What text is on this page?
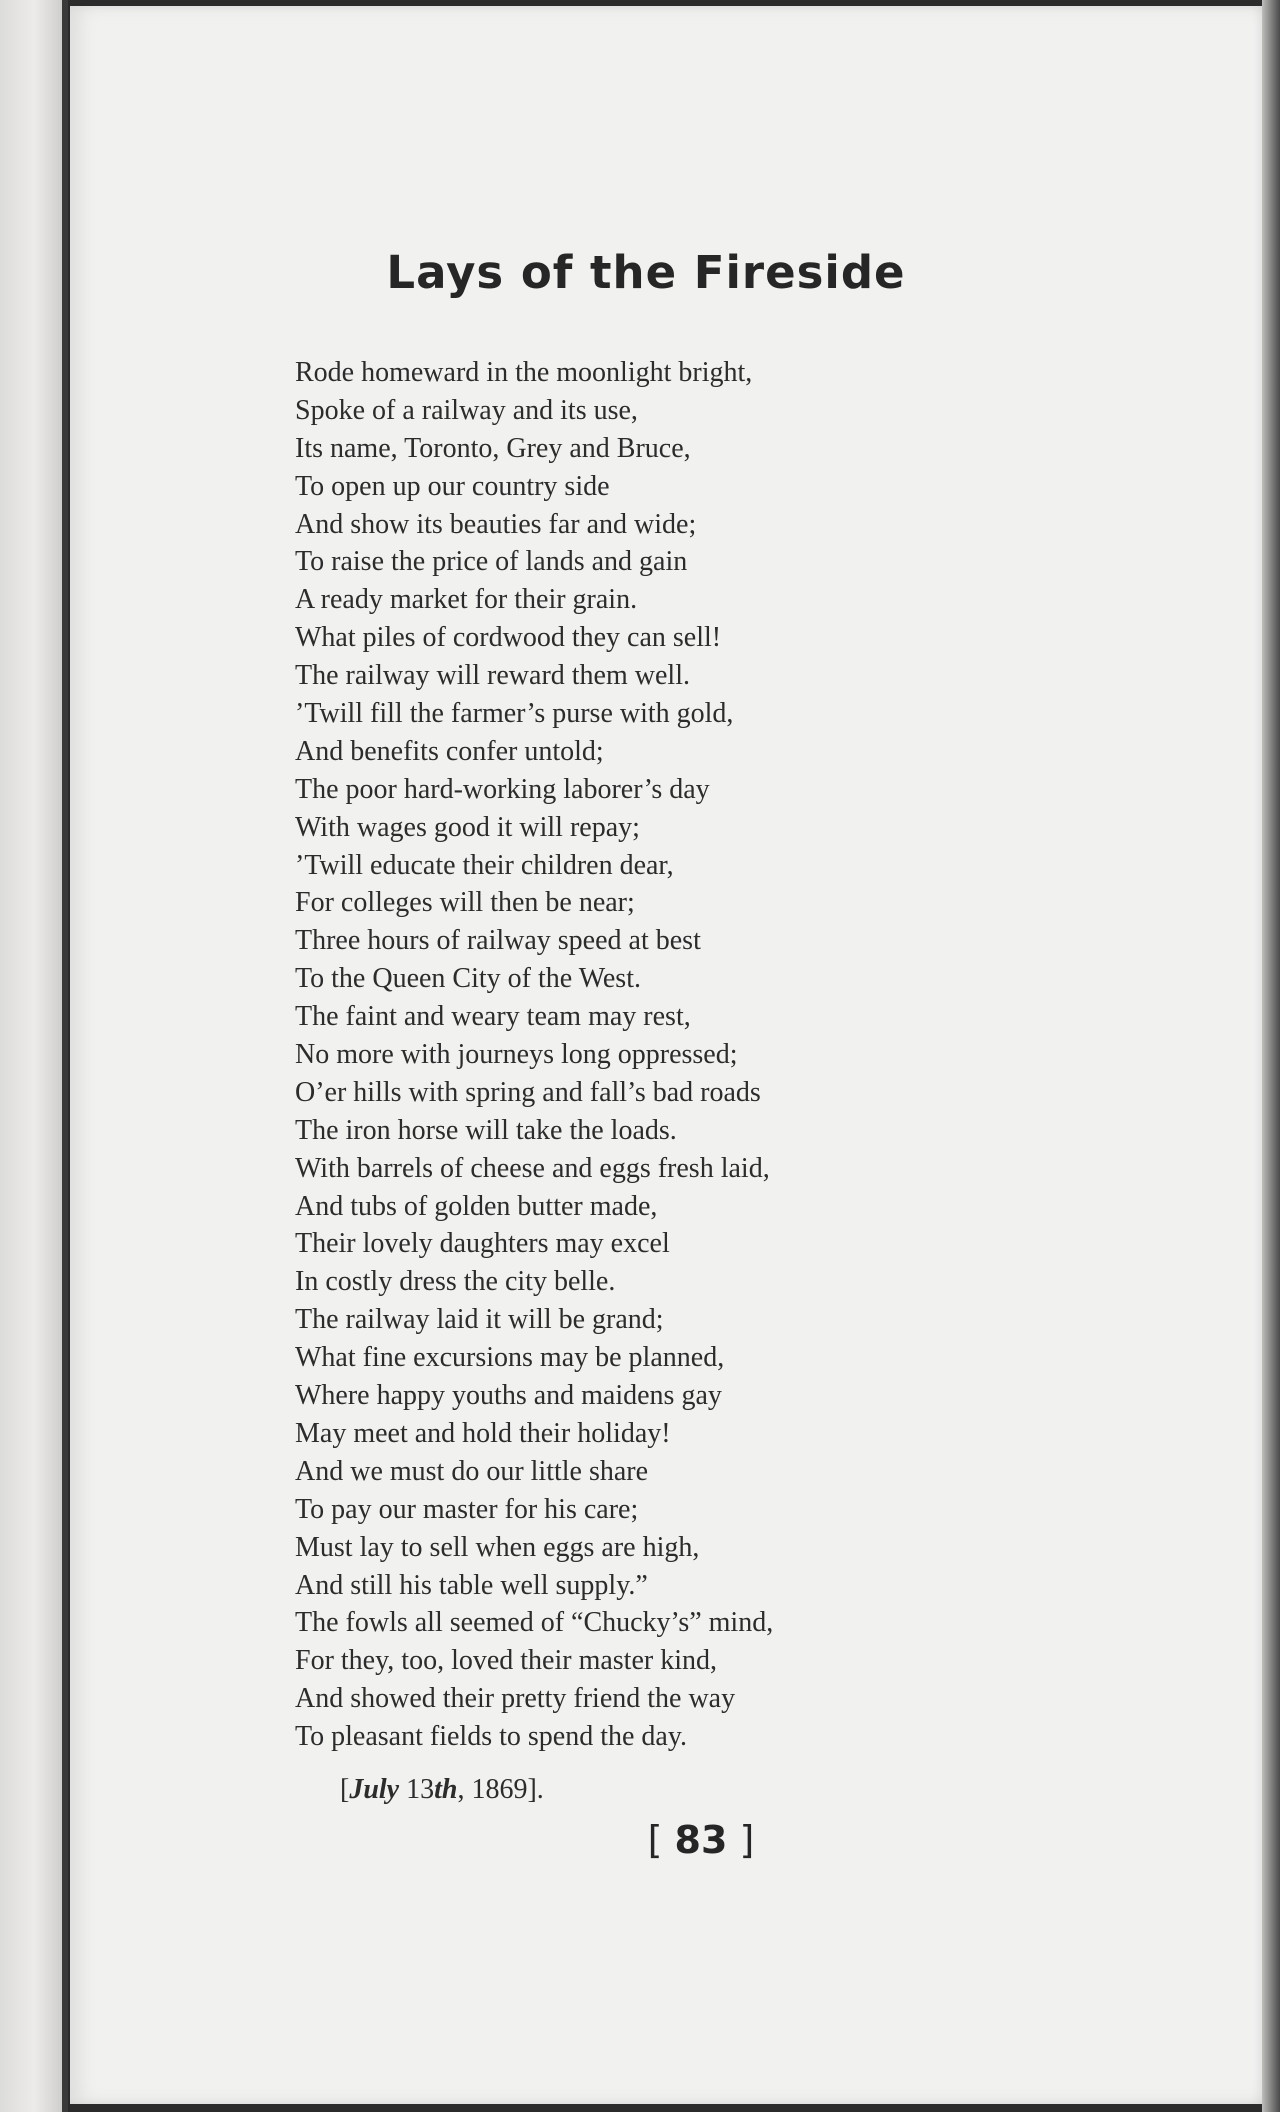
Lays of the Fireside
Rode homeward in the moonlight bright,
Spoke of a railway and its use,
Its name, Toronto, Grey and Bruce,
To open up our country side
And show its beauties far and wide;
To raise the price of lands and gain
A ready market for their grain.
What piles of cordwood they can sell!
The railway will reward them well.
’Twill fill the farmer’s purse with gold,
And benefits confer untold;
The poor hard-working laborer’s day
With wages good it will repay;
’Twill educate their children dear,
For colleges will then be near;
Three hours of railway speed at best
To the Queen City of the West.
The faint and weary team may rest,
No more with journeys long oppressed;
O’er hills with spring and fall’s bad roads
The iron horse will take the loads.
With barrels of cheese and eggs fresh laid,
And tubs of golden butter made,
Their lovely daughters may excel
In costly dress the city belle.
The railway laid it will be grand;
What fine excursions may be planned,
Where happy youths and maidens gay
May meet and hold their holiday!
And we must do our little share
To pay our master for his care;
Must lay to sell when eggs are high,
And still his table well supply.”
The fowls all seemed of “Chucky’s” mind,
For they, too, loved their master kind,
And showed their pretty friend the way
To pleasant fields to spend the day.
[July 13th, 1869].
[ 83 ]
